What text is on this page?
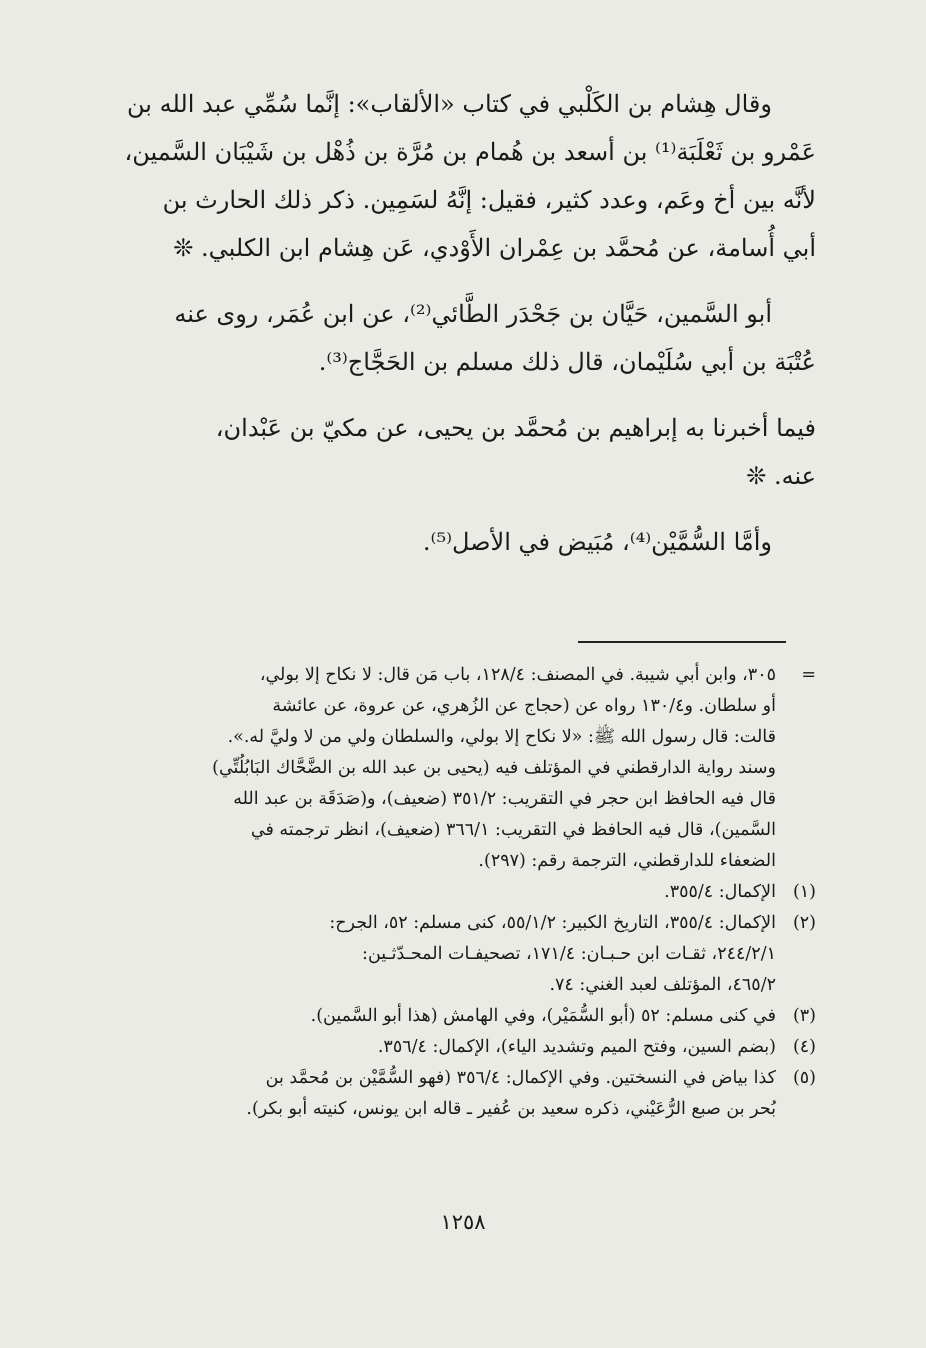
وقال هِشام بن الكَلْبي في كتاب «الألقاب»: إنَّما سُمِّي عبد الله بن

عَمْرو بن ثَعْلَبَة⁽¹⁾ بن أسعد بن هُمام بن مُرَّة بن ذُهْل بن شَيْبَان السَّمين،

لأنَّه بين أخ وعَم، وعدد كثير، فقيل: إنَّهُ لسَمِين. ذكر ذلك الحارث بن

أبي أُسامة، عن مُحمَّد بن عِمْران الأَوْدي، عَن هِشام ابن الكلبي. ❊

أبو السَّمين، حَيَّان بن جَحْدَر الطَّائي⁽²⁾، عن ابن عُمَر، روى عنه

عُتْبَة بن أبي سُلَيْمان، قال ذلك مسلم بن الحَجَّاج⁽³⁾.

فيما أخبرنا به إبراهيم بن مُحمَّد بن يحيى، عن مكيّ بن عَبْدان،

عنه. ❊

وأمَّا السُّمَّيْن⁽⁴⁾، مُبَيض في الأصل⁽⁵⁾.

=٣٠٥، وابن أبي شيبة. في المصنف: ١٢٨/٤، باب مَن قال: لا نكاح إلا بولي،

أو سلطان. و١٣٠/٤ رواه عن (حجاج عن الزُهري، عن عروة، عن عائشة

قالت: قال رسول الله ﷺ: «لا نكاح إلا بولي، والسلطان ولي من لا وليَّ له.».

وسند رواية الدارقطني في المؤتلف فيه (يحيى بن عبد الله بن الضَّحَّاك البَابُلُتِّي)

قال فيه الحافظ ابن حجر في التقريب: ٣٥١/٢ (ضعيف)، و(صَدَقَة بن عبد الله

السَّمين)، قال فيه الحافظ في التقريب: ٣٦٦/١ (ضعيف)، انظر ترجمته في

الضعفاء للدارقطني، الترجمة رقم: (٢٩٧).

(١)الإكمال: ٣٥٥/٤.

(٢)الإكمال: ٣٥٥/٤، التاريخ الكبير: ٥٥/١/٢، كنى مسلم: ٥٢، الجرح:

٢٤٤/٢/١، ثقـات ابن حـبـان: ١٧١/٤، تصحيفـات المحـدّثـين:

٤٦٥/٢، المؤتلف لعبد الغني: ٧٤.

(٣)في كنى مسلم: ٥٢ (أبو السُّمَيْر)، وفي الهامش (هذا أبو السَّمين).

(٤)(بضم السين، وفتح الميم وتشديد الياء)، الإكمال: ٣٥٦/٤.

(٥)كذا بياض في النسختين. وفي الإكمال: ٣٥٦/٤ (فهو السُّمَّيْن بن مُحمَّد بن

بُحر بن صبع الرُّعَيْني، ذكره سعيد بن عُفير ـ قاله ابن يونس، كنيته أبو بكر).

١٢٥٨
